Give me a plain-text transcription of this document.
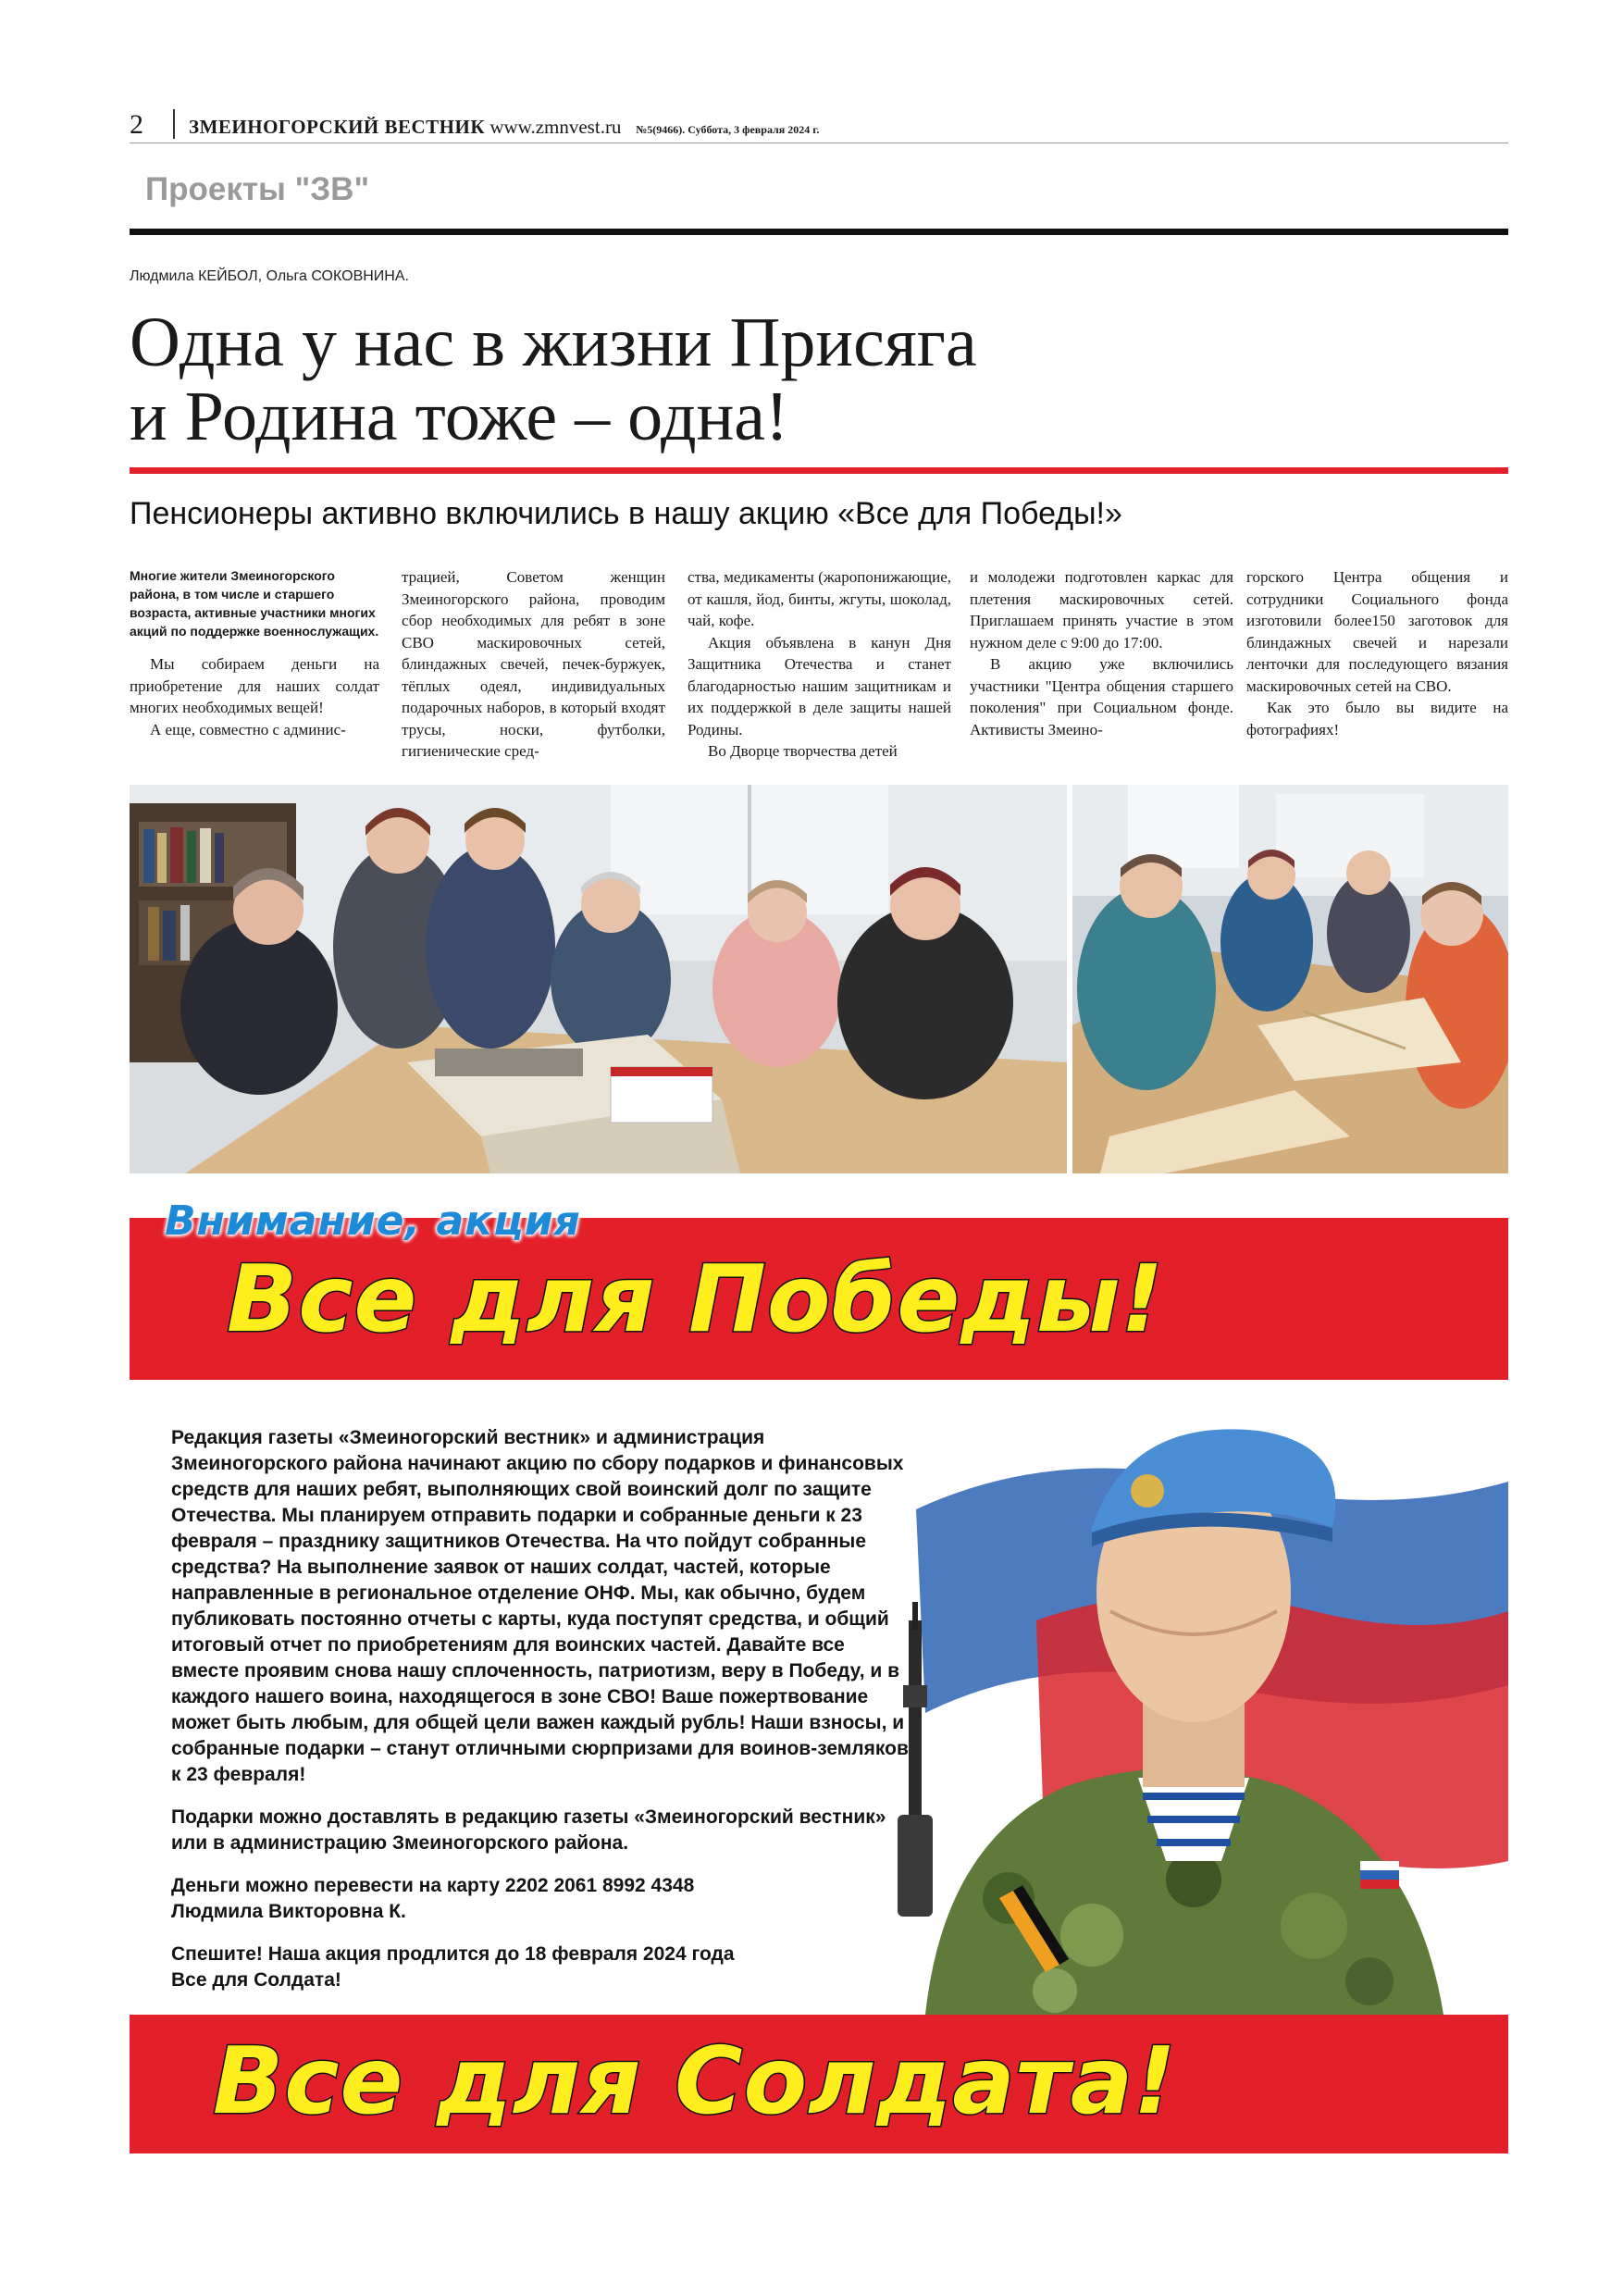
2 ЗМЕИНОГОРСКИЙ ВЕСТНИК www.zmnvest.ru №5(9466). Суббота, 3 февраля 2024 г.
Проекты "ЗВ"
Людмила КЕЙБОЛ, Ольга СОКОВНИНА.
Одна у нас в жизни Присяга
и Родина тоже – одна!
Пенсионеры активно включились в нашу акцию «Все для Победы!»

Многие жители Змеиногорского района, в том числе и старшего возраста, активные участники многих акций по поддержке военнослужащих.

Мы собираем деньги на приобретение для наших солдат многих необходимых вещей!

А еще, совместно с админис-

трацией, Советом женщин Змеиногорского района, проводим сбор необходимых для ребят в зоне СВО маскировочных сетей, блиндажных свечей, печек-буржуек, тёплых одеял, индивидуальных подарочных наборов, в который входят трусы, носки, футболки, гигиенические сред-

ства, медикаменты (жаропонижающие, от кашля, йод, бинты, жгуты, шоколад, чай, кофе.

Акция объявлена в канун Дня Защитника Отечества и станет благодарностью нашим защитникам и их поддержкой в деле защиты нашей Родины.

Во Дворце творчества детей

и молодежи подготовлен каркас для плетения маскировочных сетей. Приглашаем принять участие в этом нужном деле с 9:00 до 17:00.

В акцию уже включились участники "Центра общения старшего поколения" при Социальном фонде. Активисты Змеино-

горского Центра общения и сотрудники Социального фонда изготовили более150 заготовок для блиндажных свечей и нарезали ленточки для последующего вязания маскировочных сетей на СВО.

Как это было вы видите на фотографиях!

Внимание, акция
Все для Победы!

Редакция газеты «Змеиногорский вестник» и администрация Змеиногорского района начинают акцию по сбору подарков и финансовых средств для наших ребят, выполняющих свой воинский долг по защите Отечества. Мы планируем отправить подарки и собранные деньги к 23 февраля – празднику защитников Отечества. На что пойдут собранные средства? На выполнение заявок от наших солдат, частей, которые направленные в региональное отделение ОНФ. Мы, как обычно, будем публиковать постоянно отчеты с карты, куда поступят средства, и общий итоговый отчет по приобретениям для воинских частей. Давайте все вместе проявим снова нашу сплоченность, патриотизм, веру в Победу, и в каждого нашего воина, находящегося в зоне СВО! Ваше пожертвование может быть любым, для общей цели важен каждый рубль! Наши взносы, и собранные подарки – станут отличными сюрпризами для воинов-земляков к 23 февраля!

Подарки можно доставлять в редакцию газеты «Змеиногорский вестник» или в администрацию Змеиногорского района.

Деньги можно перевести на карту 2202 2061 8992 4348
Людмила Викторовна К.

Спешите! Наша акция продлится до 18 февраля 2024 года
Все для Солдата!

Все для Солдата!
